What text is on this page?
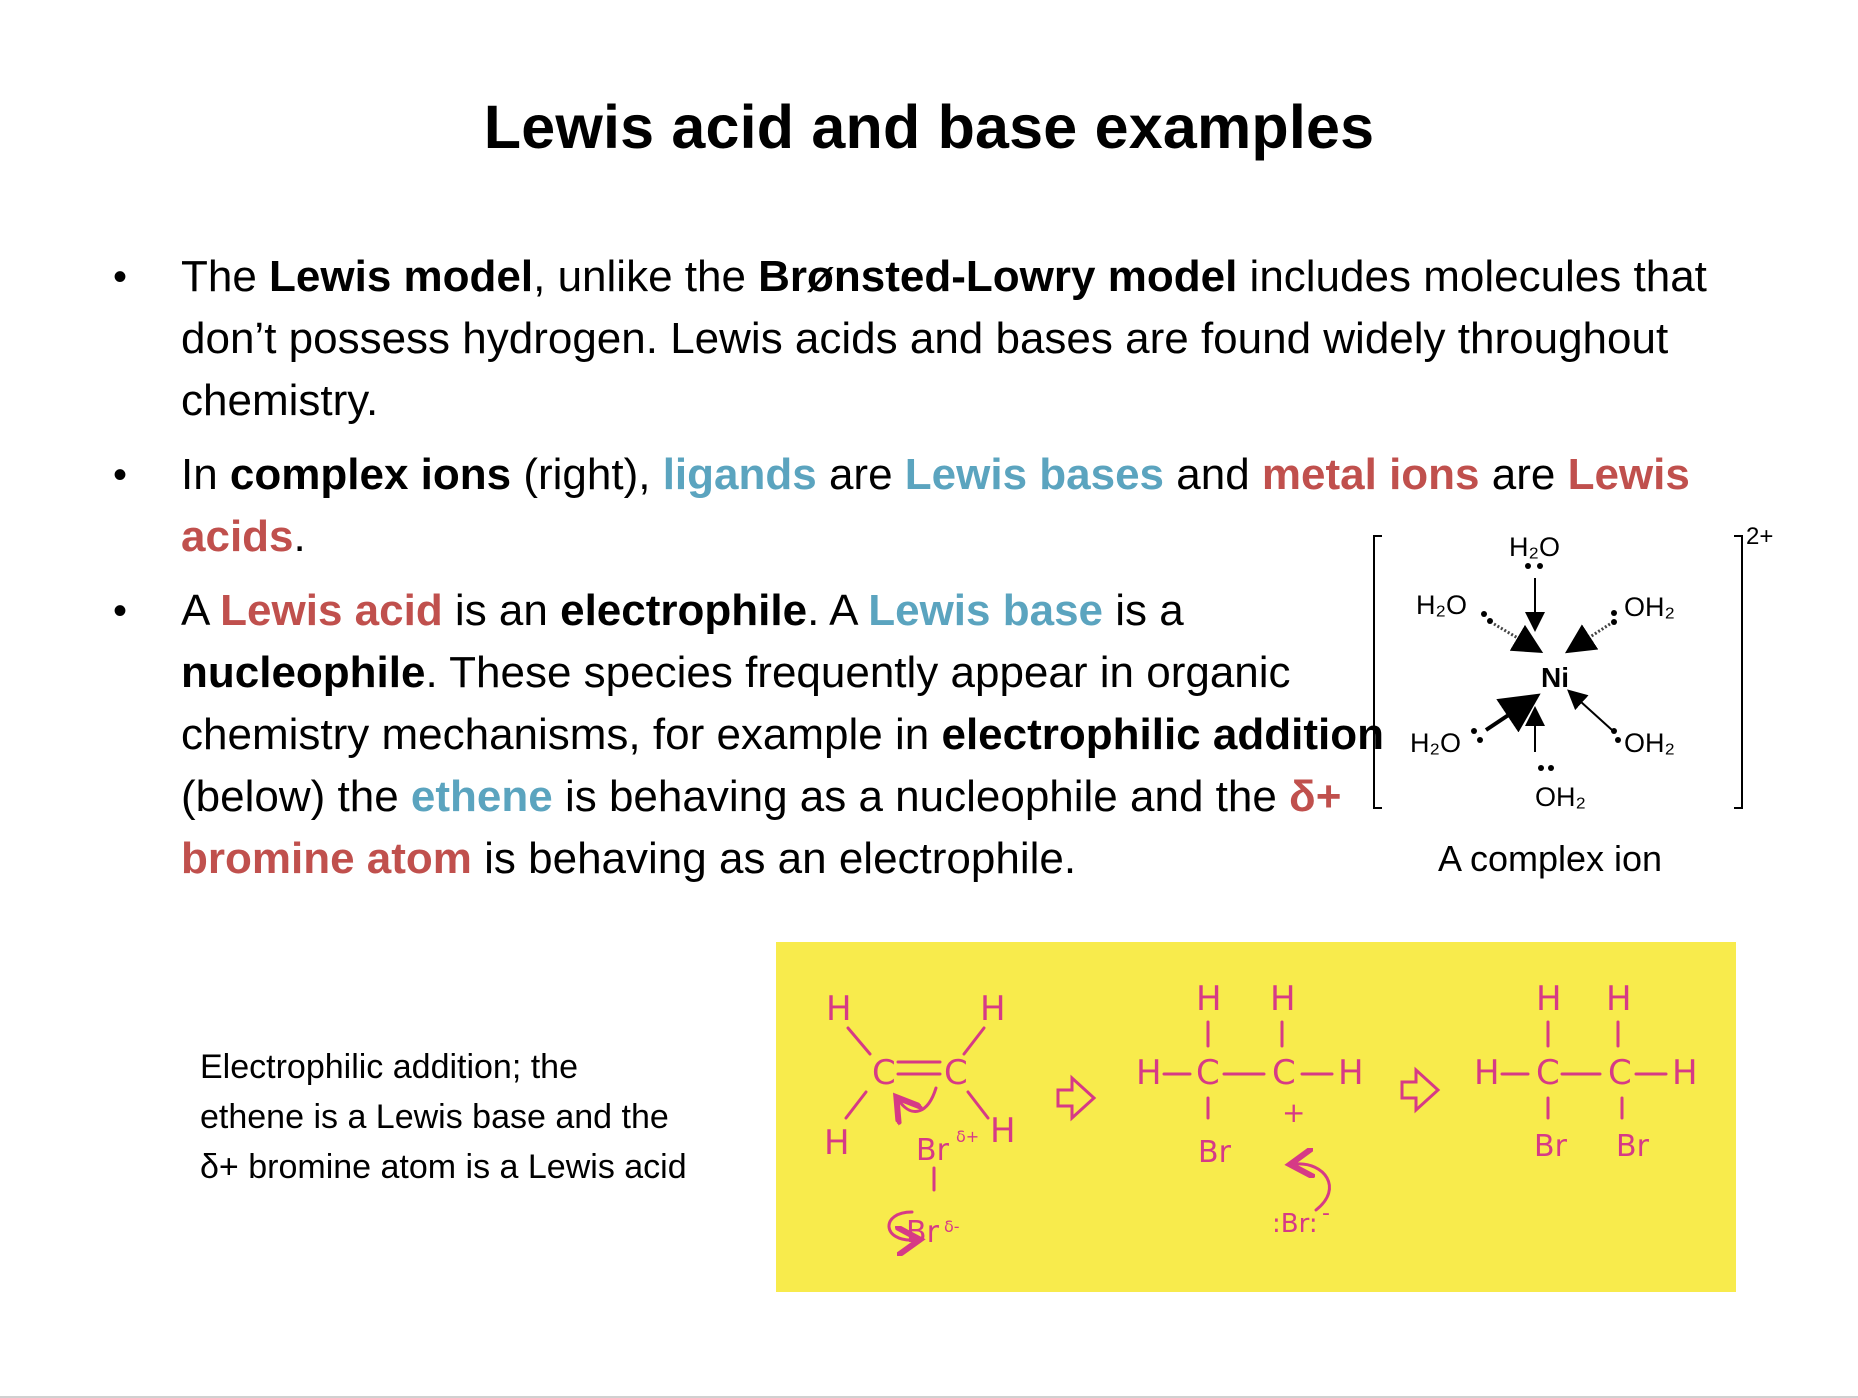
Lewis acid and base examples
• The Lewis model, unlike the Brønsted-Lowry model includes molecules that don’t possess hydrogen. Lewis acids and bases are found widely throughout chemistry.
• In complex ions (right), ligands are Lewis bases and metal ions are Lewis acids.
• A Lewis acid is an electrophile. A Lewis base is a nucleophile. These species frequently appear in organic chemistry mechanisms, for example in electrophilic addition (below) the ethene is behaving as a nucleophile and the δ+ bromine atom is behaving as an electrophile.
2+
Ni
H₂O
H₂O	OH₂
H₂O	OH₂
OH₂
A complex ion
Electrophilic addition; the
ethene is a Lewis base and the
δ+ bromine atom is a Lewis acid
H	H
H	H
C C
Br δ+
Br δ-
H H
H C C H
Br
+
:Br: -
H H
H C C H
Br Br
